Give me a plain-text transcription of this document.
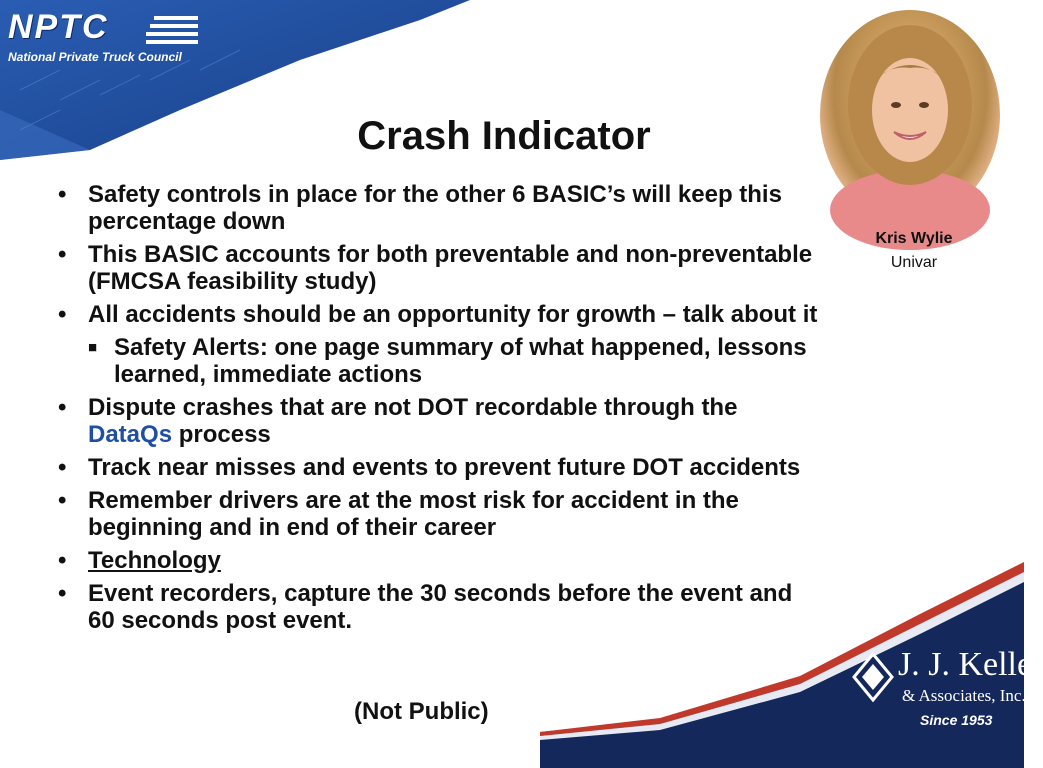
NPTC
National Private Truck Council
Crash Indicator
Kris Wylie
Univar
• Safety controls in place for the other 6 BASIC’s will keep this percentage down
• This BASIC accounts for both preventable and non-preventable (FMCSA feasibility study)
• All accidents should be an opportunity for growth – talk about it
■ Safety Alerts: one page summary of what happened, lessons learned, immediate actions
• Dispute crashes that are not DOT recordable through the DataQs process
• Track near misses and events to prevent future DOT accidents
• Remember drivers are at the most risk for accident in the beginning and in end of their career
• Technology
• Event recorders, capture the 30 seconds before the event and 60 seconds post event.
(Not Public)
J. J. Keller
& Associates, Inc.
Since 1953
